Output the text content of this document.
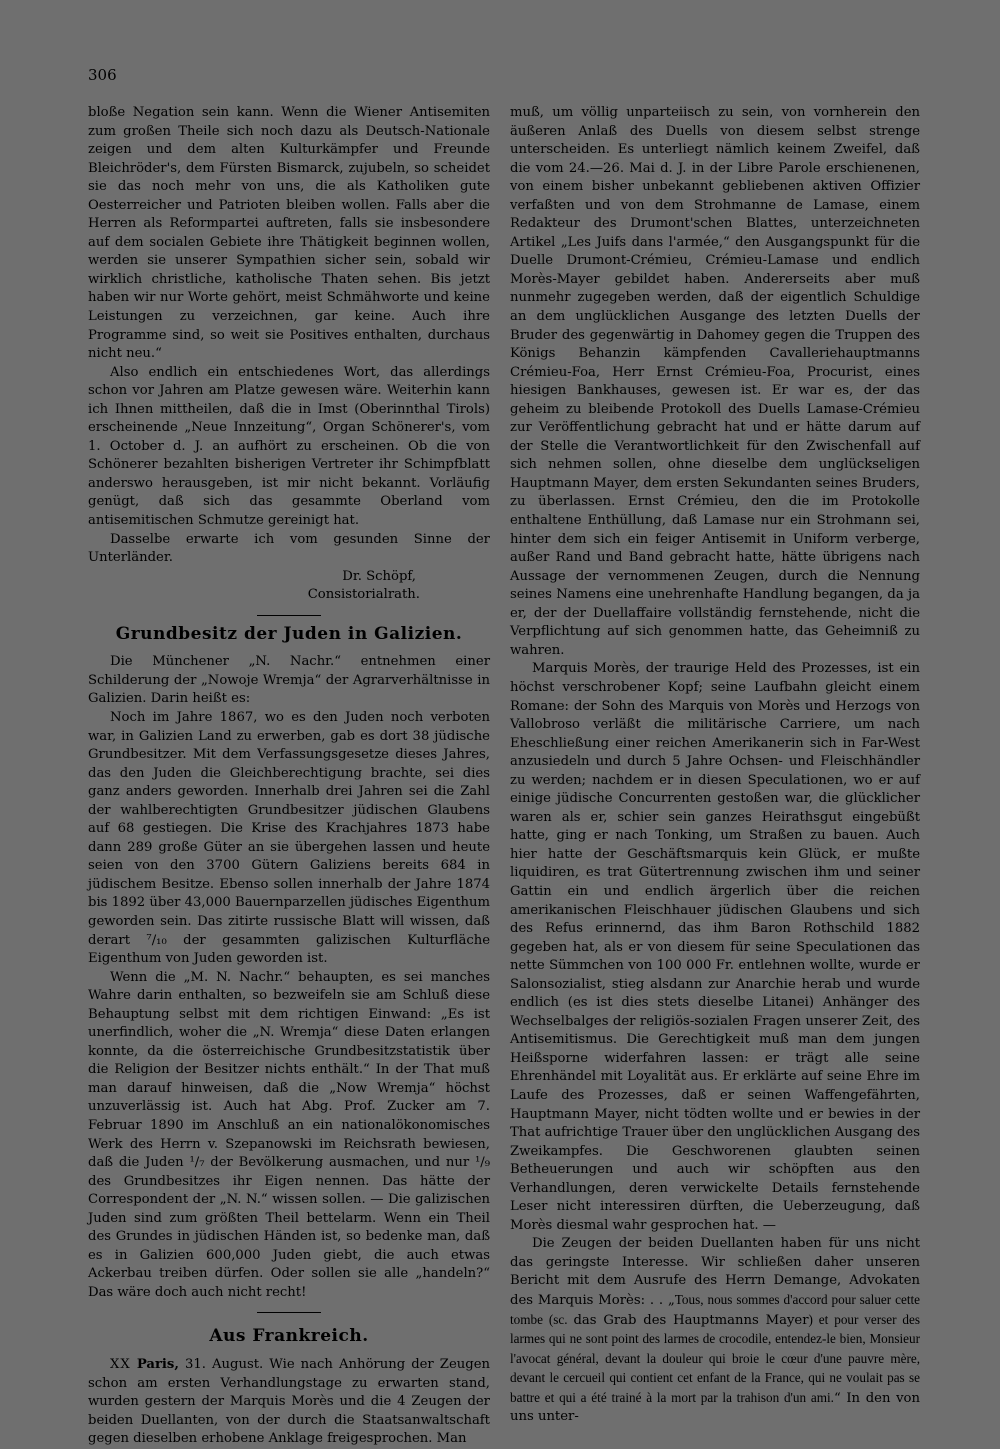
306

bloße Negation sein kann. Wenn die Wiener Antisemiten zum großen Theile sich noch dazu als Deutsch-Nationale zeigen und dem alten Kulturkämpfer und Freunde Bleichröder's, dem Fürsten Bismarck, zujubeln, so scheidet sie das noch mehr von uns, die als Katholiken gute Oesterreicher und Patrioten bleiben wollen. Falls aber die Herren als Reformpartei auftreten, falls sie insbesondere auf dem socialen Gebiete ihre Thätigkeit beginnen wollen, werden sie unserer Sympathien sicher sein, sobald wir wirklich christliche, katholische Thaten sehen. Bis jetzt haben wir nur Worte gehört, meist Schmähworte und keine Leistungen zu verzeichnen, gar keine. Auch ihre Programme sind, so weit sie Positives enthalten, durchaus nicht neu.“

Also endlich ein entschiedenes Wort, das allerdings schon vor Jahren am Platze gewesen wäre. Weiterhin kann ich Ihnen mittheilen, daß die in Imst (Oberinnthal Tirols) erscheinende „Neue Innzeitung“, Organ Schönerer's, vom 1. October d. J. an aufhört zu erscheinen. Ob die von Schönerer bezahlten bisherigen Vertreter ihr Schimpfblatt anderswo herausgeben, ist mir nicht bekannt. Vorläufig genügt, daß sich das gesammte Oberland vom antisemitischen Schmutze gereinigt hat.

Dasselbe erwarte ich vom gesunden Sinne der Unterländer.

Dr. Schöpf,

Consistorialrath.

Grundbesitz der Juden in Galizien.

Die Münchener „N. Nachr.“ entnehmen einer Schilderung der „Nowoje Wremja“ der Agrarverhältnisse in Galizien. Darin heißt es:

Noch im Jahre 1867, wo es den Juden noch verboten war, in Galizien Land zu erwerben, gab es dort 38 jüdische Grundbesitzer. Mit dem Verfassungsgesetze dieses Jahres, das den Juden die Gleichberechtigung brachte, sei dies ganz anders geworden. Innerhalb drei Jahren sei die Zahl der wahlberechtigten Grundbesitzer jüdischen Glaubens auf 68 gestiegen. Die Krise des Krachjahres 1873 habe dann 289 große Güter an sie übergehen lassen und heute seien von den 3700 Gütern Galiziens bereits 684 in jüdischem Besitze. Ebenso sollen innerhalb der Jahre 1874 bis 1892 über 43,000 Bauernparzellen jüdisches Eigenthum geworden sein. Das zitirte russische Blatt will wissen, daß derart ⁷/₁₀ der gesammten galizischen Kulturfläche Eigenthum von Juden geworden ist.

Wenn die „M. N. Nachr.“ behaupten, es sei manches Wahre darin enthalten, so bezweifeln sie am Schluß diese Behauptung selbst mit dem richtigen Einwand: „Es ist unerfindlich, woher die „N. Wremja“ diese Daten erlangen konnte, da die österreichische Grundbesitzstatistik über die Religion der Besitzer nichts enthält.“ In der That muß man darauf hinweisen, daß die „Now Wremja“ höchst unzuverlässig ist. Auch hat Abg. Prof. Zucker am 7. Februar 1890 im Anschluß an ein nationalökonomisches Werk des Herrn v. Szepanowski im Reichsrath bewiesen, daß die Juden ¹/₇ der Bevölkerung ausmachen, und nur ¹/₉ des Grundbesitzes ihr Eigen nennen. Das hätte der Correspondent der „N. N.“ wissen sollen. — Die galizischen Juden sind zum größten Theil bettelarm. Wenn ein Theil des Grundes in jüdischen Händen ist, so bedenke man, daß es in Galizien 600,000 Juden giebt, die auch etwas Ackerbau treiben dürfen. Oder sollen sie alle „handeln?“ Das wäre doch auch nicht recht!

Aus Frankreich.

XX Paris, 31. August. Wie nach Anhörung der Zeugen schon am ersten Verhandlungstage zu erwarten stand, wurden gestern der Marquis Morès und die 4 Zeugen der beiden Duellanten, von der durch die Staatsanwaltschaft gegen dieselben erhobene Anklage freigesprochen. Man

muß, um völlig unparteiisch zu sein, von vornherein den äußeren Anlaß des Duells von diesem selbst strenge unterscheiden. Es unterliegt nämlich keinem Zweifel, daß die vom 24.—26. Mai d. J. in der Libre Parole erschienenen, von einem bisher unbekannt gebliebenen aktiven Offizier verfaßten und von dem Strohmanne de Lamase, einem Redakteur des Drumont'schen Blattes, unterzeichneten Artikel „Les Juifs dans l'armée,“ den Ausgangspunkt für die Duelle Drumont-Crémieu, Crémieu-Lamase und endlich Morès-Mayer gebildet haben. Andererseits aber muß nunmehr zugegeben werden, daß der eigentlich Schuldige an dem unglücklichen Ausgange des letzten Duells der Bruder des gegenwärtig in Dahomey gegen die Truppen des Königs Behanzin kämpfenden Cavalleriehauptmanns Crémieu-Foa, Herr Ernst Crémieu-Foa, Procurist, eines hiesigen Bankhauses, gewesen ist. Er war es, der das geheim zu bleibende Protokoll des Duells Lamase-Crémieu zur Veröffentlichung gebracht hat und er hätte darum auf der Stelle die Verantwortlichkeit für den Zwischenfall auf sich nehmen sollen, ohne dieselbe dem unglückseligen Hauptmann Mayer, dem ersten Sekundanten seines Bruders, zu überlassen. Ernst Crémieu, den die im Protokolle enthaltene Enthüllung, daß Lamase nur ein Strohmann sei, hinter dem sich ein feiger Antisemit in Uniform verberge, außer Rand und Band gebracht hatte, hätte übrigens nach Aussage der vernommenen Zeugen, durch die Nennung seines Namens eine unehrenhafte Handlung begangen, da ja er, der der Duellaffaire vollständig fernstehende, nicht die Verpflichtung auf sich genommen hatte, das Geheimniß zu wahren.

Marquis Morès, der traurige Held des Prozesses, ist ein höchst verschrobener Kopf; seine Laufbahn gleicht einem Romane: der Sohn des Marquis von Morès und Herzogs von Vallobroso verläßt die militärische Carriere, um nach Eheschließung einer reichen Amerikanerin sich in Far-West anzusiedeln und durch 5 Jahre Ochsen- und Fleischhändler zu werden; nachdem er in diesen Speculationen, wo er auf einige jüdische Concurrenten gestoßen war, die glücklicher waren als er, schier sein ganzes Heirathsgut eingebüßt hatte, ging er nach Tonking, um Straßen zu bauen. Auch hier hatte der Geschäftsmarquis kein Glück, er mußte liquidiren, es trat Gütertrennung zwischen ihm und seiner Gattin ein und endlich ärgerlich über die reichen amerikanischen Fleischhauer jüdischen Glaubens und sich des Refus erinnernd, das ihm Baron Rothschild 1882 gegeben hat, als er von diesem für seine Speculationen das nette Sümmchen von 100 000 Fr. entlehnen wollte, wurde er Salonsozialist, stieg alsdann zur Anarchie herab und wurde endlich (es ist dies stets dieselbe Litanei) Anhänger des Wechselbalges der religiös-sozialen Fragen unserer Zeit, des Antisemitismus. Die Gerechtigkeit muß man dem jungen Heißsporne widerfahren lassen: er trägt alle seine Ehrenhändel mit Loyalität aus. Er erklärte auf seine Ehre im Laufe des Prozesses, daß er seinen Waffengefährten, Hauptmann Mayer, nicht tödten wollte und er bewies in der That aufrichtige Trauer über den unglücklichen Ausgang des Zweikampfes. Die Geschworenen glaubten seinen Betheuerungen und auch wir schöpften aus den Verhandlungen, deren verwickelte Details fernstehende Leser nicht interessiren dürften, die Ueberzeugung, daß Morès diesmal wahr gesprochen hat. —

Die Zeugen der beiden Duellanten haben für uns nicht das geringste Interesse. Wir schließen daher unseren Bericht mit dem Ausrufe des Herrn Demange, Advokaten des Marquis Morès: . . „Tous, nous sommes d'accord pour saluer cette tombe (sc. das Grab des Hauptmanns Mayer) et pour verser des larmes qui ne sont point des larmes de crocodile, entendez-le bien, Monsieur l'avocat général, devant la douleur qui broie le cœur d'une pauvre mère, devant le cercueil qui contient cet enfant de la France, qui ne voulait pas se battre et qui a été trainé à la mort par la trahison d'un ami.“ In den von uns unter-
